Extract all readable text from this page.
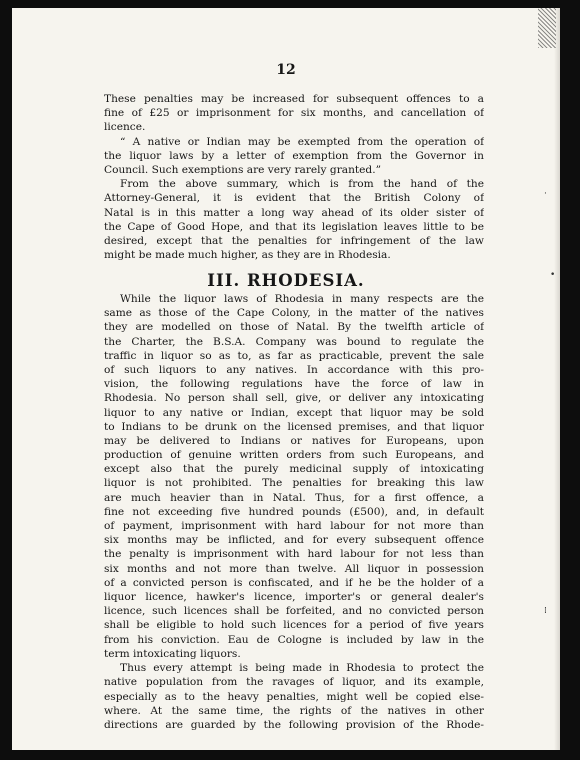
12
These penalties may be increased for subsequent offences to a
fine of £25 or imprisonment for six months, and cancellation of
licence.
“ A native or Indian may be exempted from the operation of
the liquor laws by a letter of exemption from the Governor in
Council. Such exemptions are very rarely granted.”
From the above summary, which is from the hand of the
Attorney-General, it is evident that the British Colony of
Natal is in this matter a long way ahead of its older sister of
the Cape of Good Hope, and that its legislation leaves little to be
desired, except that the penalties for infringement of the law
might be made much higher, as they are in Rhodesia.
III. RHODESIA.
While the liquor laws of Rhodesia in many respects are the
same as those of the Cape Colony, in the matter of the natives
they are modelled on those of Natal. By the twelfth article of
the Charter, the B.S.A. Company was bound to regulate the
traffic in liquor so as to, as far as practicable, prevent the sale
of such liquors to any natives. In accordance with this pro-
vision, the following regulations have the force of law in
Rhodesia. No person shall sell, give, or deliver any intoxicating
liquor to any native or Indian, except that liquor may be sold
to Indians to be drunk on the licensed premises, and that liquor
may be delivered to Indians or natives for Europeans, upon
production of genuine written orders from such Europeans, and
except also that the purely medicinal supply of intoxicating
liquor is not prohibited. The penalties for breaking this law
are much heavier than in Natal. Thus, for a first offence, a
fine not exceeding five hundred pounds (£500), and, in default
of payment, imprisonment with hard labour for not more than
six months may be inflicted, and for every subsequent offence
the penalty is imprisonment with hard labour for not less than
six months and not more than twelve. All liquor in possession
of a convicted person is confiscated, and if he be the holder of a
liquor licence, hawker's licence, importer's or general dealer's
licence, such licences shall be forfeited, and no convicted person
shall be eligible to hold such licences for a period of five years
from his conviction. Eau de Cologne is included by law in the
term intoxicating liquors.
Thus every attempt is being made in Rhodesia to protect the
native population from the ravages of liquor, and its example,
especially as to the heavy penalties, might well be copied else-
where. At the same time, the rights of the natives in other
directions are guarded by the following provision of the Rhode-
·
•
⁞
